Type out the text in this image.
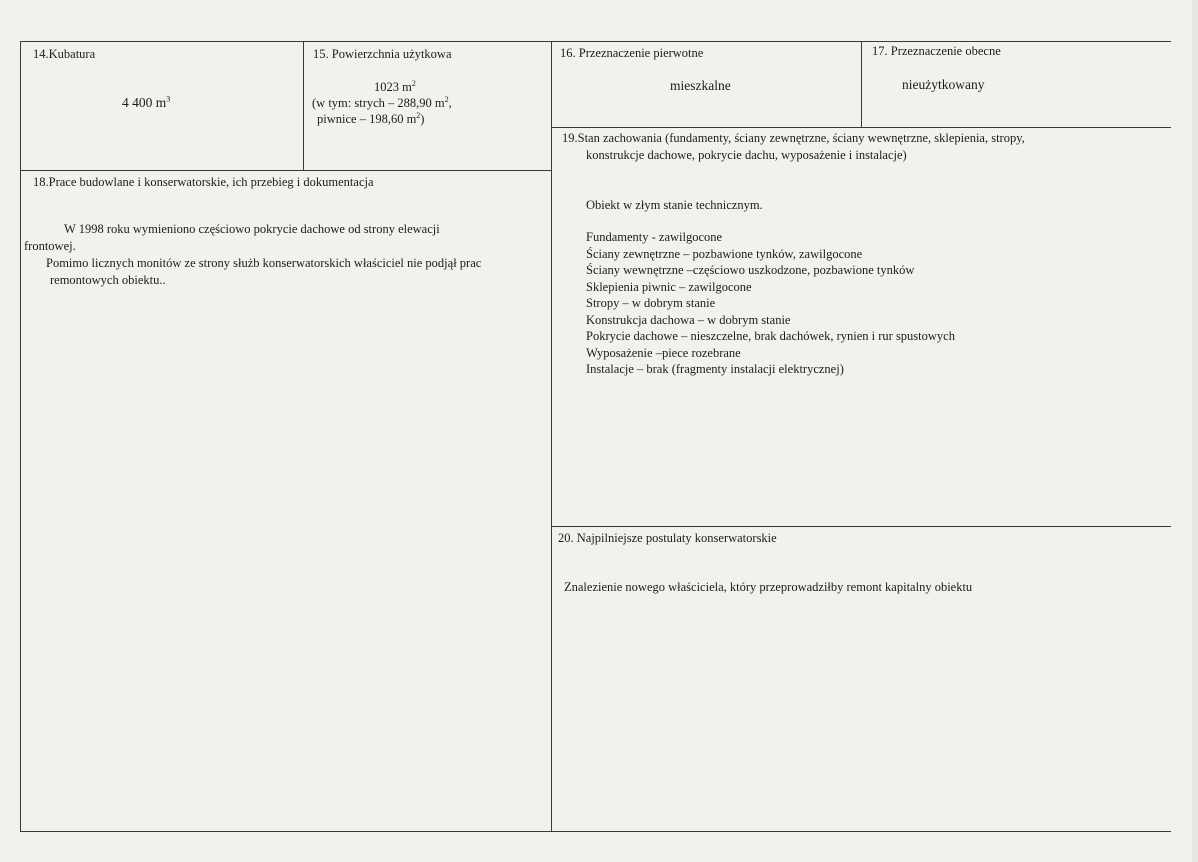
14.Kubatura
4 400 $m^3$
15. Powierzchnia użytkowa
1023 $m^2$
(w tym: strych – 288,90 $m^2$,
piwnice – 198,60 $m^2$)
16. Przeznaczenie pierwotne
mieszkalne
17. Przeznaczenie obecne
nieużytkowany
18.Prace budowlane i konserwatorskie, ich przebieg i dokumentacja
W 1998 roku wymieniono częściowo pokrycie dachowe od strony elewacji
frontowej.
Pomimo licznych monitów ze strony służb konserwatorskich właściciel nie podjął prac
remontowych obiektu..
19.Stan zachowania (fundamenty, ściany zewnętrzne, ściany wewnętrzne, sklepienia, stropy,
konstrukcje dachowe, pokrycie dachu, wyposażenie i instalacje)
Obiekt w złym stanie technicznym.
Fundamenty - zawilgocone
Ściany zewnętrzne – pozbawione tynków, zawilgocone
Ściany wewnętrzne –częściowo uszkodzone, pozbawione tynków
Sklepienia piwnic – zawilgocone
Stropy – w dobrym stanie
Konstrukcja dachowa – w dobrym stanie
Pokrycie dachowe – nieszczelne, brak dachówek, rynien i rur spustowych
Wyposażenie –piece rozebrane
Instalacje – brak (fragmenty instalacji elektrycznej)
20. Najpilniejsze postulaty konserwatorskie
Znalezienie nowego właściciela, który przeprowadziłby remont kapitalny obiektu
